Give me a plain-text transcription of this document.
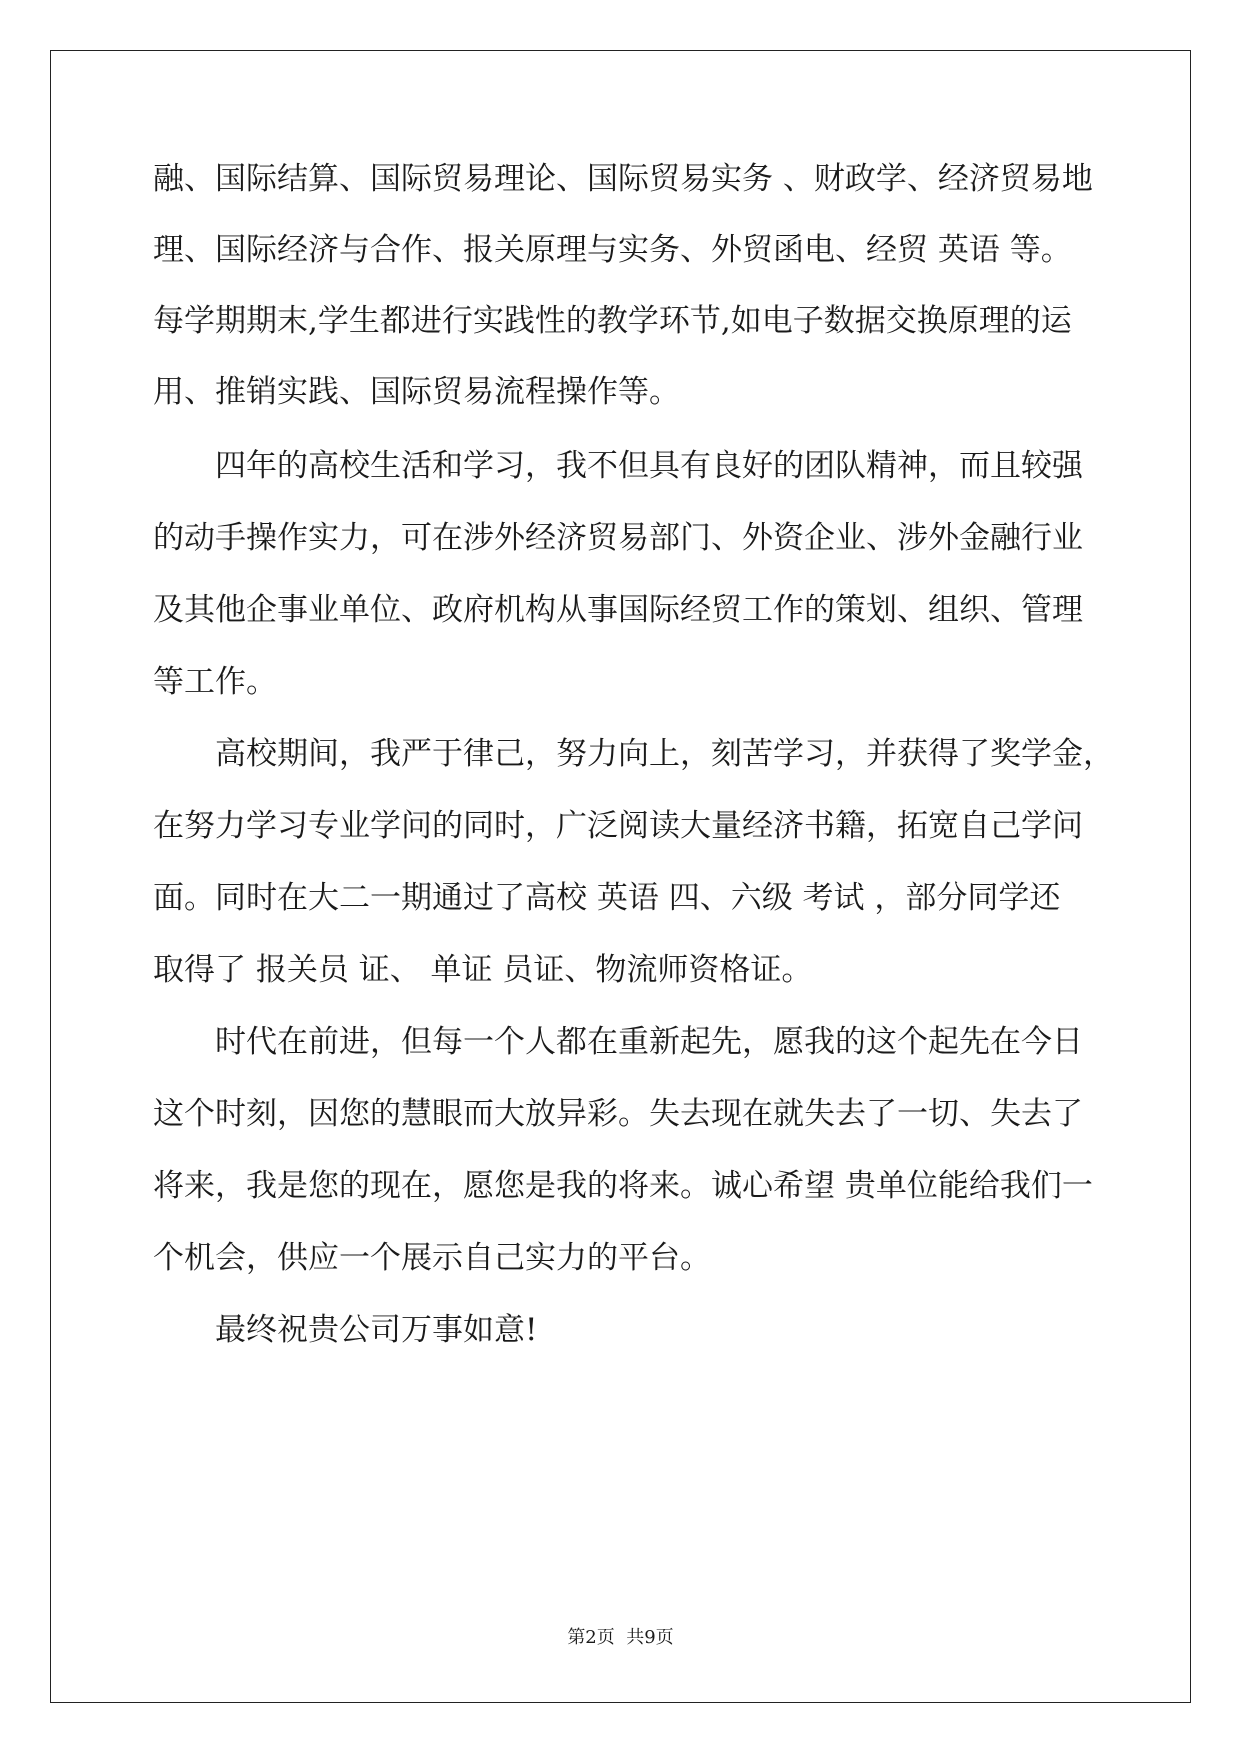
融、国际结算、国际贸易理论、国际贸易实务 、财政学、经济贸易地
理、国际经济与合作、报关原理与实务、外贸函电、经贸 英语 等。
每学期期末,学生都进行实践性的教学环节,如电子数据交换原理的运
用、推销实践、国际贸易流程操作等。
四年的高校生活和学习，我不但具有良好的团队精神，而且较强
的动手操作实力，可在涉外经济贸易部门、外资企业、涉外金融行业
及其他企事业单位、政府机构从事国际经贸工作的策划、组织、管理
等工作。
高校期间，我严于律己，努力向上，刻苦学习，并获得了奖学金，
在努力学习专业学问的同时，广泛阅读大量经济书籍，拓宽自己学问
面。同时在大二一期通过了高校 英语 四、六级 考试 ，部分同学还
取得了 报关员 证、 单证 员证、物流师资格证。
时代在前进，但每一个人都在重新起先，愿我的这个起先在今日
这个时刻，因您的慧眼而大放异彩。失去现在就失去了一切、失去了
将来，我是您的现在，愿您是我的将来。诚心希望 贵单位能给我们一
个机会，供应一个展示自己实力的平台。
最终祝贵公司万事如意!
第2页  共9页
